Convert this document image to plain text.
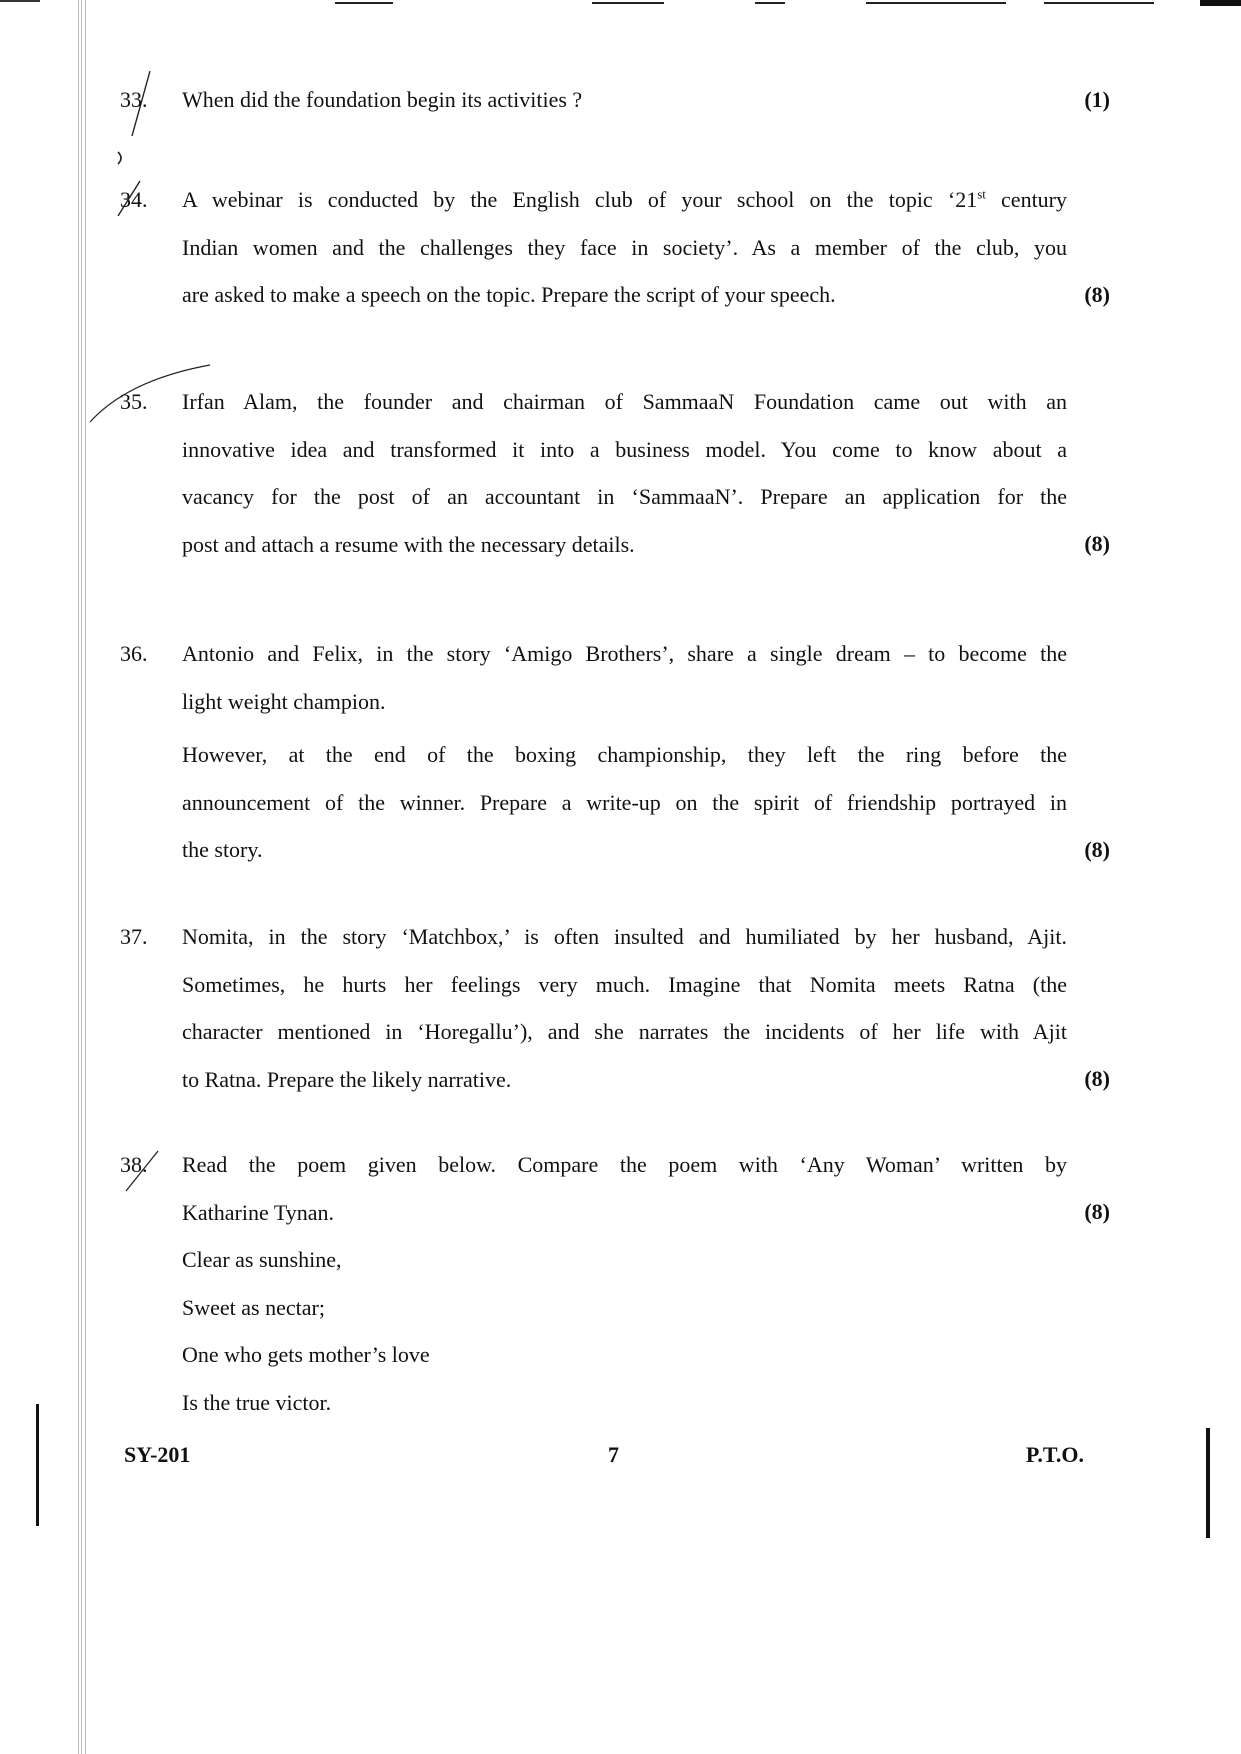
33.	When did the foundation begin its activities ?	(1)
34.	A webinar is conducted by the English club of your school on the topic ‘21st century
Indian women and the challenges they face in society’. As a member of the club, you
are asked to make a speech on the topic. Prepare the script of your speech.	(8)
35.	Irfan Alam, the founder and chairman of SammaaN Foundation came out with an
innovative idea and transformed it into a business model. You come to know about a
vacancy for the post of an accountant in ‘SammaaN’. Prepare an application for the
post and attach a resume with the necessary details.	(8)
36.	Antonio and Felix, in the story ‘Amigo Brothers’, share a single dream – to become the
light weight champion.
However, at the end of the boxing championship, they left the ring before the
announcement of the winner. Prepare a write-up on the spirit of friendship portrayed in
the story.	(8)
37.	Nomita, in the story ‘Matchbox,’ is often insulted and humiliated by her husband, Ajit.
Sometimes, he hurts her feelings very much. Imagine that Nomita meets Ratna (the
character mentioned in ‘Horegallu’), and she narrates the incidents of her life with Ajit
to Ratna. Prepare the likely narrative.	(8)
38.	Read the poem given below. Compare the poem with ‘Any Woman’ written by
Katharine Tynan.
Clear as sunshine,
Sweet as nectar;
One who gets mother’s love
Is the true victor.
(8)
SY-201	7	P.T.O.
